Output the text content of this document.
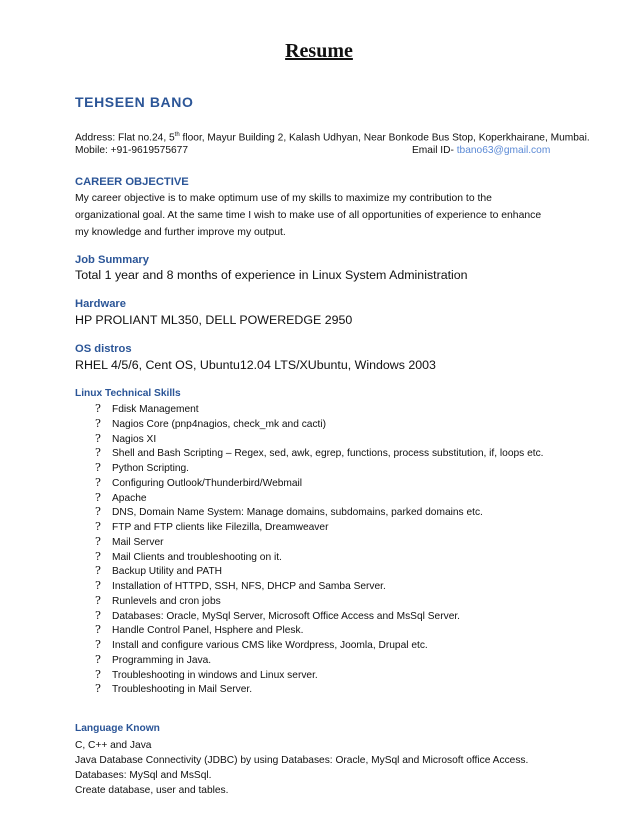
Resume
TEHSEEN BANO
Address: Flat no.24, 5th floor, Mayur Building 2, Kalash Udhyan, Near Bonkode Bus Stop, Koperkhairane, Mumbai.
Mobile: +91-9619575677	Email ID- tbano63@gmail.com
CAREER OBJECTIVE
My career objective is to make optimum use of my skills to maximize my contribution to the
organizational goal. At the same time I wish to make use of all opportunities of experience to enhance
my knowledge and further improve my output.
Job Summary
Total 1 year and 8 months of experience in Linux System Administration
Hardware
HP PROLIANT ML350, DELL POWEREDGE 2950
OS distros
RHEL 4/5/6, Cent OS, Ubuntu12.04 LTS/XUbuntu, Windows 2003
Linux Technical Skills
? Fdisk Management
? Nagios Core (pnp4nagios, check_mk and cacti)
? Nagios XI
? Shell and Bash Scripting – Regex, sed, awk, egrep, functions, process substitution, if, loops etc.
? Python Scripting.
? Configuring Outlook/Thunderbird/Webmail
? Apache
? DNS, Domain Name System: Manage domains, subdomains, parked domains etc.
? FTP and FTP clients like Filezilla, Dreamweaver
? Mail Server
? Mail Clients and troubleshooting on it.
? Backup Utility and PATH
? Installation of HTTPD, SSH, NFS, DHCP and Samba Server.
? Runlevels and cron jobs
? Databases: Oracle, MySql Server, Microsoft Office Access and MsSql Server.
? Handle Control Panel, Hsphere and Plesk.
? Install and configure various CMS like Wordpress, Joomla, Drupal etc.
? Programming in Java.
? Troubleshooting in windows and Linux server.
? Troubleshooting in Mail Server.
Language Known
C, C++ and Java
Java Database Connectivity (JDBC) by using Databases: Oracle, MySql and Microsoft office Access.
Databases: MySql and MsSql.
Create database, user and tables.
